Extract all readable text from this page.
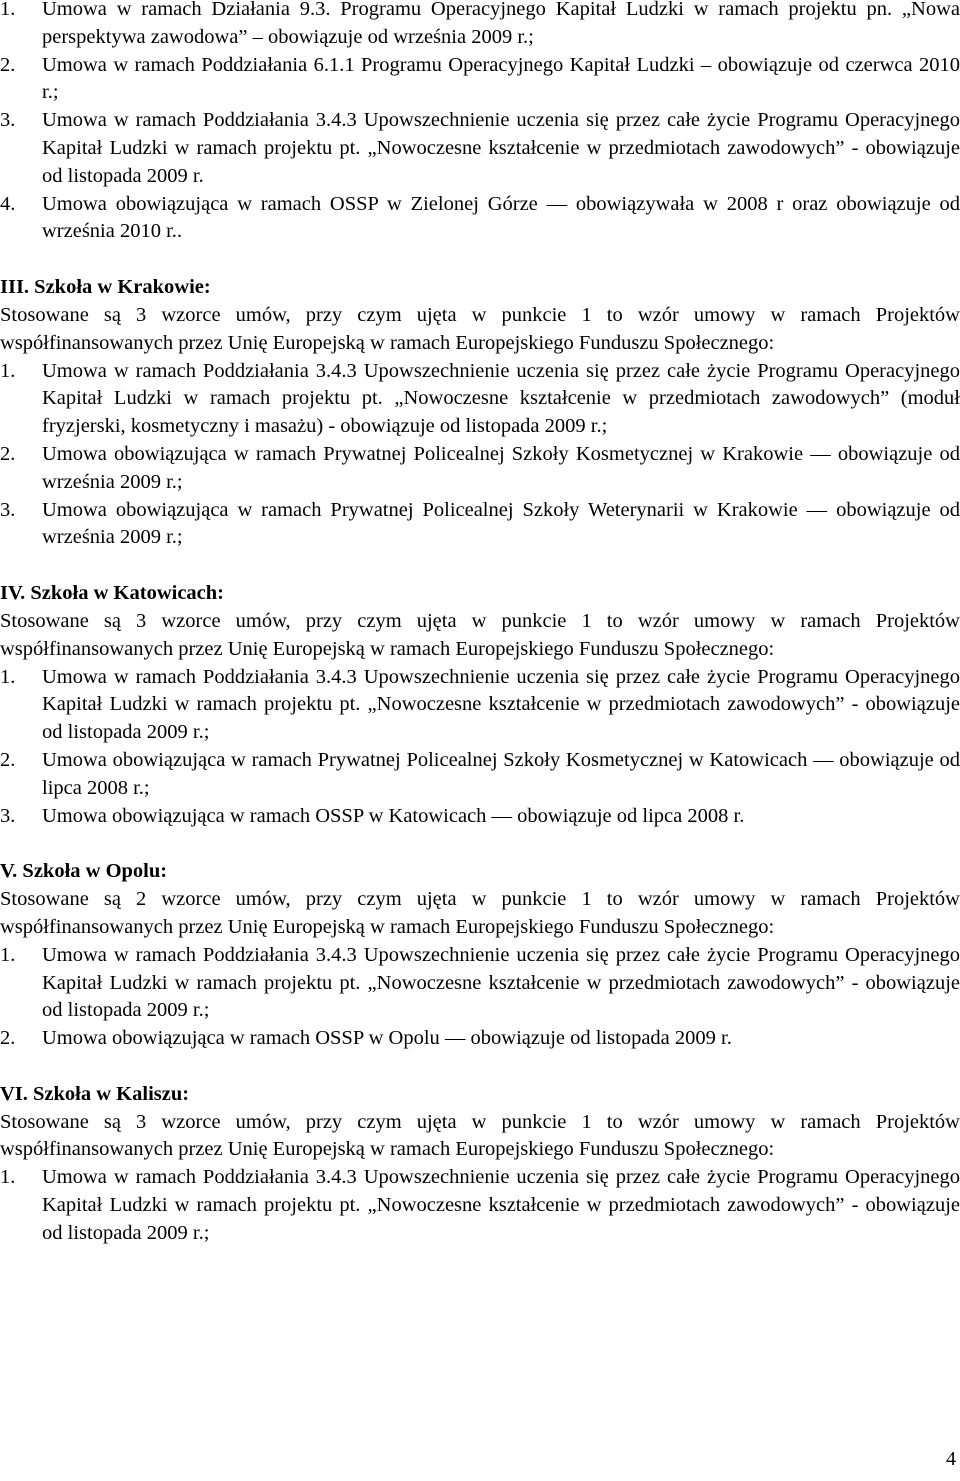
1. Umowa w ramach Działania 9.3. Programu Operacyjnego Kapitał Ludzki w ramach projektu pn. „Nowa perspektywa zawodowa” – obowiązuje od września 2009 r.;
2. Umowa w ramach Poddziałania 6.1.1 Programu Operacyjnego Kapitał Ludzki – obowiązuje od czerwca 2010 r.;
3. Umowa w ramach Poddziałania 3.4.3 Upowszechnienie uczenia się przez całe życie Programu Operacyjnego Kapitał Ludzki w ramach projektu pt. „Nowoczesne kształcenie w przedmiotach zawodowych” - obowiązuje od listopada 2009 r.
4. Umowa obowiązująca w ramach OSSP w Zielonej Górze — obowiązywała w 2008 r oraz obowiązuje od września 2010 r..

III. Szkoła w Krakowie:

Stosowane są 3 wzorce umów, przy czym ujęta w punkcie 1 to wzór umowy w ramach Projektów współfinansowanych przez Unię Europejską w ramach Europejskiego Funduszu Społecznego:

1. Umowa w ramach Poddziałania 3.4.3 Upowszechnienie uczenia się przez całe życie Programu Operacyjnego Kapitał Ludzki w ramach projektu pt. „Nowoczesne kształcenie w przedmiotach zawodowych” (moduł fryzjerski, kosmetyczny i masażu) - obowiązuje od listopada 2009 r.;
2. Umowa obowiązująca w ramach Prywatnej Policealnej Szkoły Kosmetycznej w Krakowie — obowiązuje od września 2009 r.;
3. Umowa obowiązująca w ramach Prywatnej Policealnej Szkoły Weterynarii w Krakowie — obowiązuje od września 2009 r.;

IV. Szkoła w Katowicach:

Stosowane są 3 wzorce umów, przy czym ujęta w punkcie 1 to wzór umowy w ramach Projektów współfinansowanych przez Unię Europejską w ramach Europejskiego Funduszu Społecznego:

1. Umowa w ramach Poddziałania 3.4.3 Upowszechnienie uczenia się przez całe życie Programu Operacyjnego Kapitał Ludzki w ramach projektu pt. „Nowoczesne kształcenie w przedmiotach zawodowych” - obowiązuje od listopada 2009 r.;
2. Umowa obowiązująca w ramach Prywatnej Policealnej Szkoły Kosmetycznej w Katowicach — obowiązuje od lipca 2008 r.;
3. Umowa obowiązująca w ramach OSSP w Katowicach — obowiązuje od lipca 2008 r.

V. Szkoła w Opolu:

Stosowane są 2 wzorce umów, przy czym ujęta w punkcie 1 to wzór umowy w ramach Projektów współfinansowanych przez Unię Europejską w ramach Europejskiego Funduszu Społecznego:

1. Umowa w ramach Poddziałania 3.4.3 Upowszechnienie uczenia się przez całe życie Programu Operacyjnego Kapitał Ludzki w ramach projektu pt. „Nowoczesne kształcenie w przedmiotach zawodowych” - obowiązuje od listopada 2009 r.;
2. Umowa obowiązująca w ramach OSSP w Opolu — obowiązuje od listopada 2009 r.

VI. Szkoła w Kaliszu:

Stosowane są 3 wzorce umów, przy czym ujęta w punkcie 1 to wzór umowy w ramach Projektów współfinansowanych przez Unię Europejską w ramach Europejskiego Funduszu Społecznego:

1. Umowa w ramach Poddziałania 3.4.3 Upowszechnienie uczenia się przez całe życie Programu Operacyjnego Kapitał Ludzki w ramach projektu pt. „Nowoczesne kształcenie w przedmiotach zawodowych” - obowiązuje od listopada 2009 r.;
4
